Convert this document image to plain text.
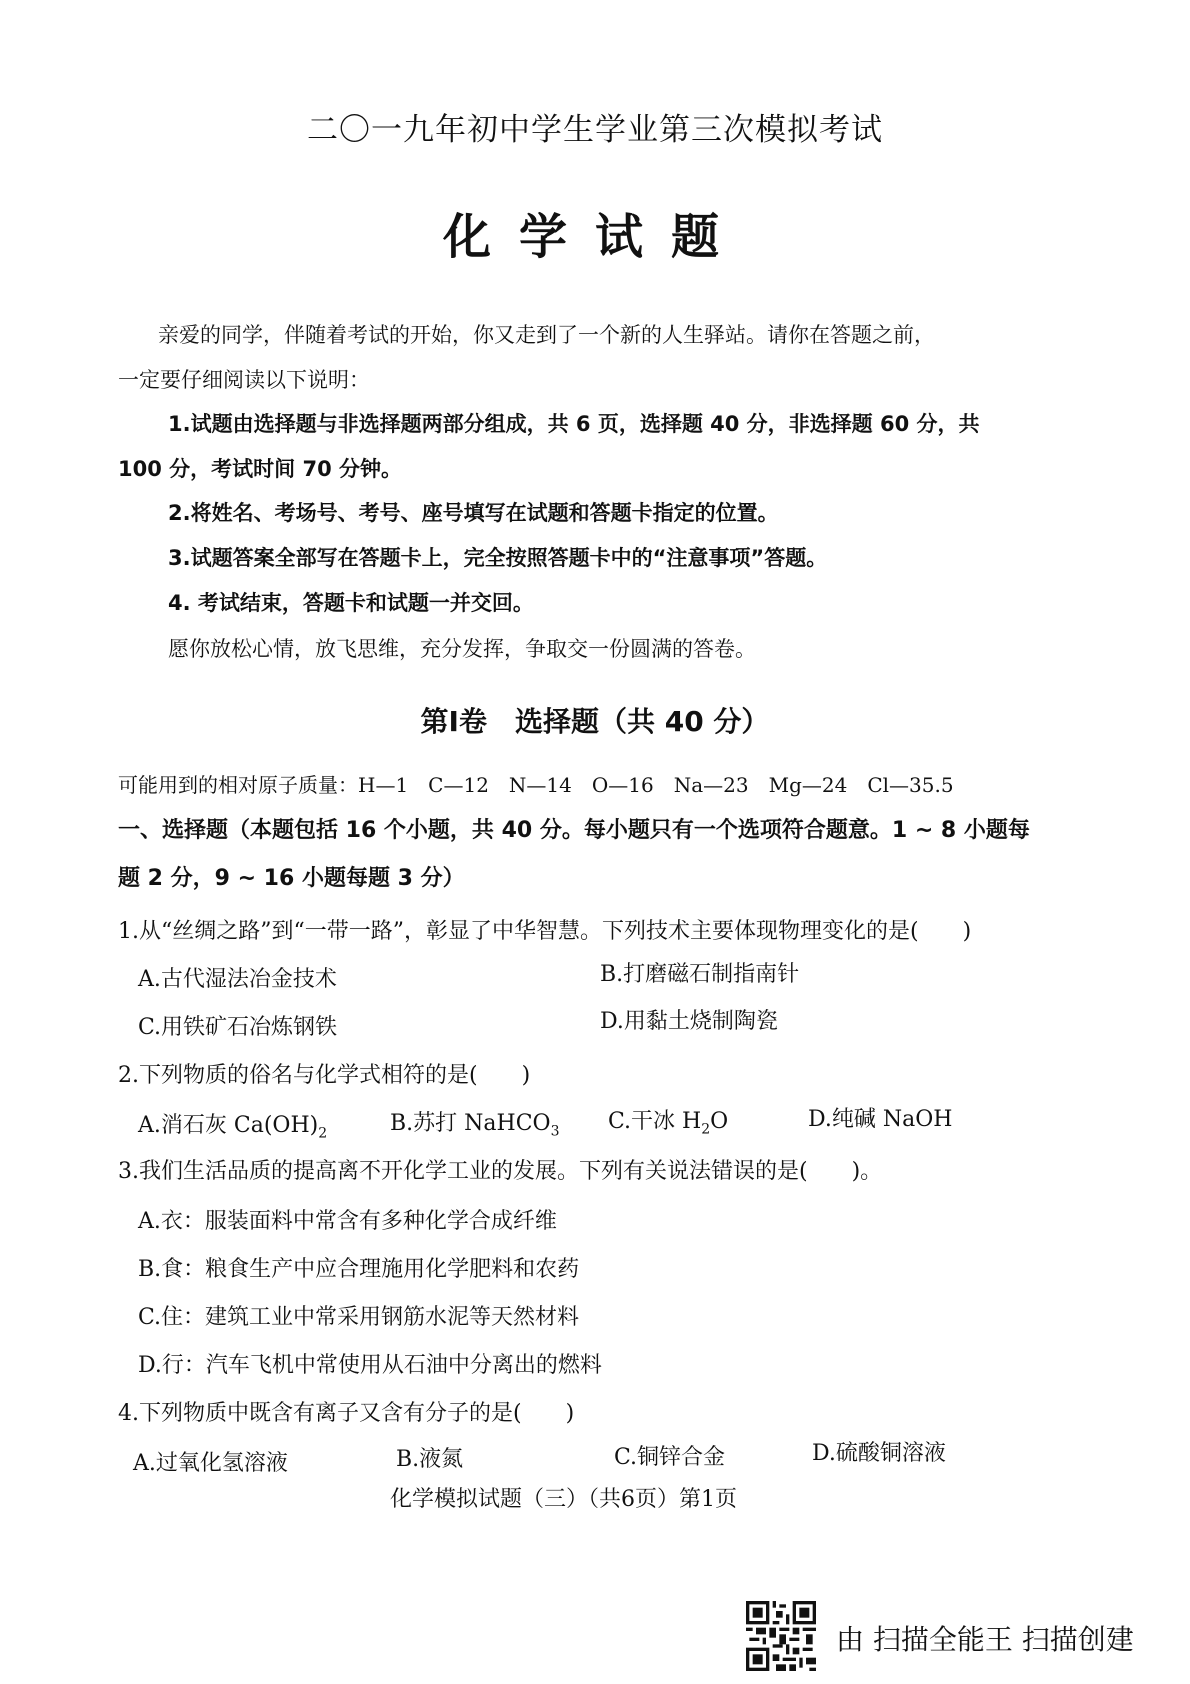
二〇一九年初中学生学业第三次模拟考试
化学试题
亲爱的同学，伴随着考试的开始，你又走到了一个新的人生驿站。请你在答题之前，
一定要仔细阅读以下说明：
1.试题由选择题与非选择题两部分组成，共 6 页，选择题 40 分，非选择题 60 分，共
100 分，考试时间 70 分钟。
2.将姓名、考场号、考号、座号填写在试题和答题卡指定的位置。
3.试题答案全部写在答题卡上，完全按照答题卡中的“注意事项”答题。
4. 考试结束，答题卡和试题一并交回。
愿你放松心情，放飞思维，充分发挥，争取交一份圆满的答卷。
第Ⅰ卷　选择题（共 40 分）
可能用到的相对原子质量：H—1　C—12　N—14　O—16　Na—23　Mg—24　Cl—35.5
一、选择题（本题包括 16 个小题，共 40 分。每小题只有一个选项符合题意。1 ~ 8 小题每
题 2 分，9 ~ 16 小题每题 3 分）
1.从“丝绸之路”到“一带一路”，彰显了中华智慧。下列技术主要体现物理变化的是(　　)
A.古代湿法冶金技术	B.打磨磁石制指南针
C.用铁矿石冶炼钢铁	D.用黏土烧制陶瓷
2.下列物质的俗名与化学式相符的是(　　)
A.消石灰 $Ca(OH)_2$	B.苏打 NaHCO$_3$ C.干冰 $H_2O$	D.纯碱 NaOH
3.我们生活品质的提高离不开化学工业的发展。下列有关说法错误的是(　　)。
A.衣：服装面料中常含有多种化学合成纤维
B.食：粮食生产中应合理施用化学肥料和农药
C.住：建筑工业中常采用钢筋水泥等天然材料
D.行：汽车飞机中常使用从石油中分离出的燃料
4.下列物质中既含有离子又含有分子的是(　　)
A.过氧化氢溶液	B.液氮	C.铜锌合金	D.硫酸铜溶液
化学模拟试题（三）（共6页）第1页
由 扫描全能王 扫描创建
